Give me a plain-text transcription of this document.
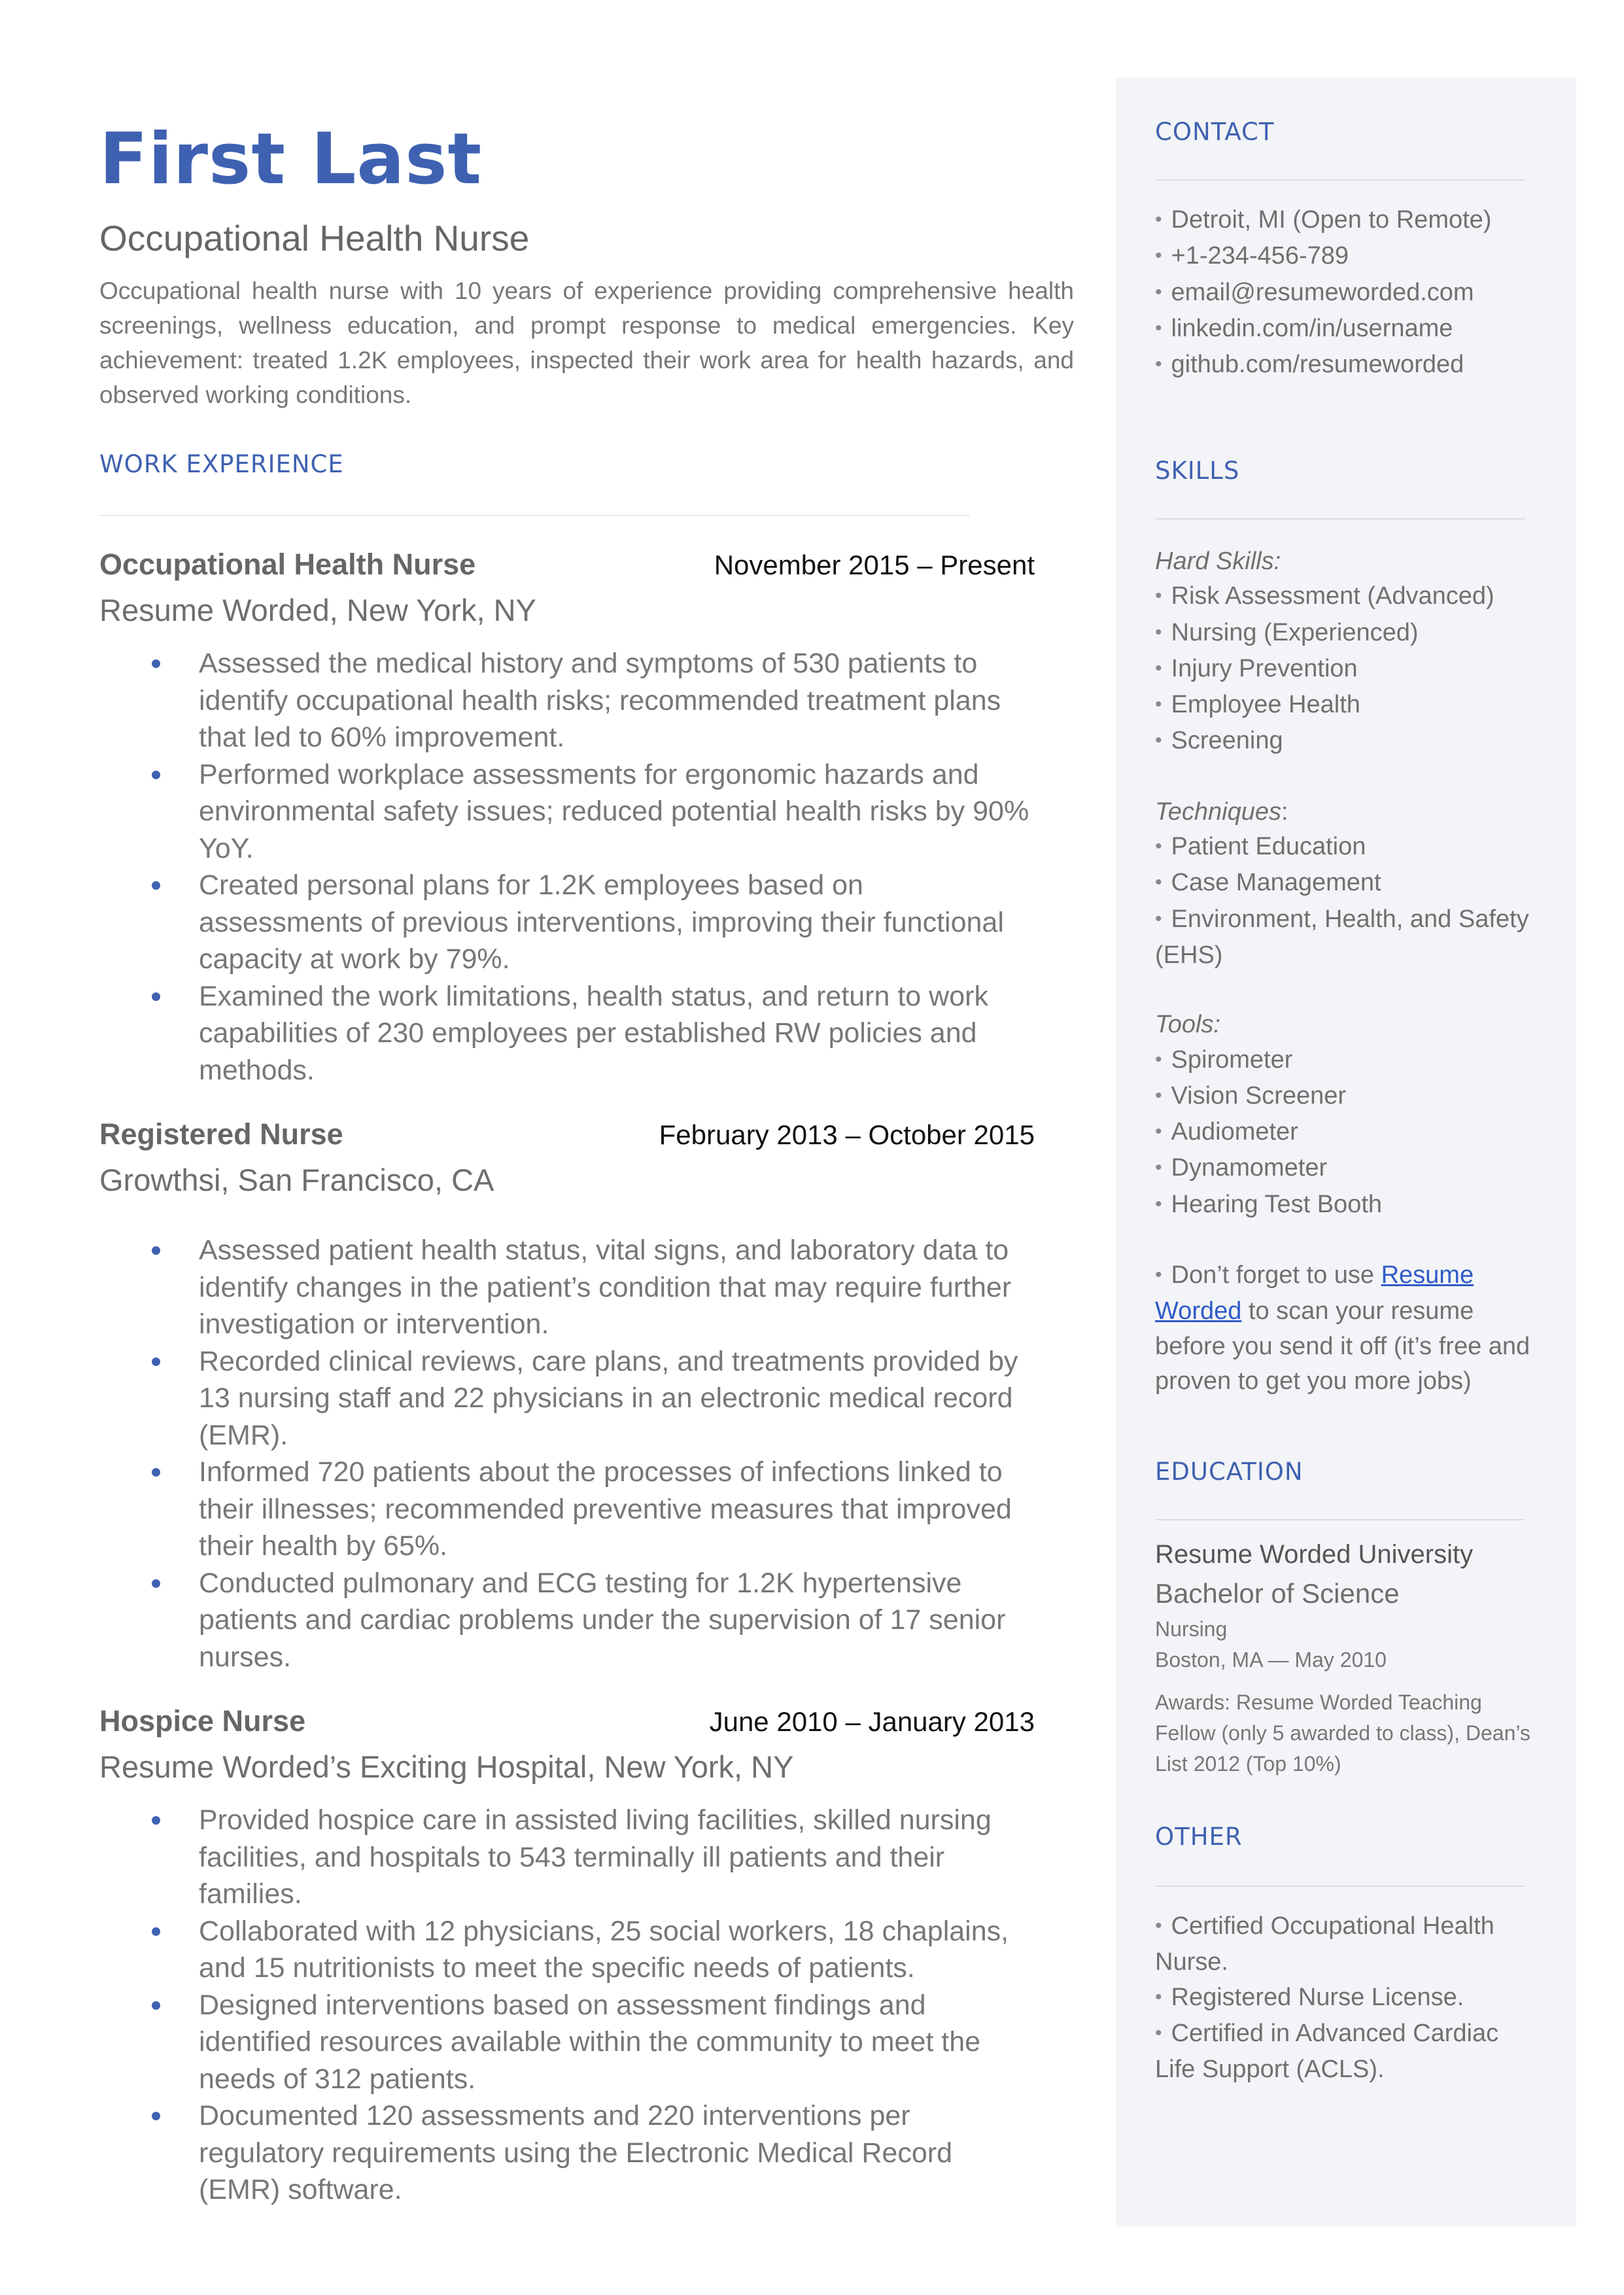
First Last
Occupational Health Nurse
Occupational health nurse with 10 years of experience providing comprehensive health screenings, wellness education, and prompt response to medical emergencies. Key achievement: treated 1.2K employees, inspected their work area for health hazards, and observed working conditions.
WORK EXPERIENCE
Occupational Health Nurse	November 2015 – Present
Resume Worded, New York, NY
Assessed the medical history and symptoms of 530 patients to identify occupational health risks; recommended treatment plans that led to 60% improvement.
Performed workplace assessments for ergonomic hazards and environmental safety issues; reduced potential health risks by 90% YoY.
Created personal plans for 1.2K employees based on assessments of previous interventions, improving their functional capacity at work by 79%.
Examined the work limitations, health status, and return to work capabilities of 230 employees per established RW policies and methods.
Registered Nurse	February 2013 – October 2015
Growthsi, San Francisco, CA
Assessed patient health status, vital signs, and laboratory data to identify changes in the patient’s condition that may require further investigation or intervention.
Recorded clinical reviews, care plans, and treatments provided by 13 nursing staff and 22 physicians in an electronic medical record (EMR).
Informed 720 patients about the processes of infections linked to their illnesses; recommended preventive measures that improved their health by 65%.
Conducted pulmonary and ECG testing for 1.2K hypertensive patients and cardiac problems under the supervision of 17 senior nurses.
Hospice Nurse	June 2010 – January 2013
Resume Worded’s Exciting Hospital, New York, NY
Provided hospice care in assisted living facilities, skilled nursing facilities, and hospitals to 543 terminally ill patients and their families.
Collaborated with 12 physicians, 25 social workers, 18 chaplains, and 15 nutritionists to meet the specific needs of patients.
Designed interventions based on assessment findings and identified resources available within the community to meet the needs of 312 patients.
Documented 120 assessments and 220 interventions per regulatory requirements using the Electronic Medical Record (EMR) software.
CONTACT
• Detroit, MI (Open to Remote)
• +1-234-456-789
• email@resumeworded.com
• linkedin.com/in/username
• github.com/resumeworded
SKILLS
Hard Skills:
• Risk Assessment (Advanced)
• Nursing (Experienced)
• Injury Prevention
• Employee Health
• Screening
Techniques:
• Patient Education
• Case Management
• Environment, Health, and Safety
(EHS)
Tools:
• Spirometer
• Vision Screener
• Audiometer
• Dynamometer
• Hearing Test Booth
• Don’t forget to use Resume
Worded to scan your resume
before you send it off (it’s free and
proven to get you more jobs)
EDUCATION
Resume Worded University
Bachelor of Science
Nursing
Boston, MA — May 2010
Awards: Resume Worded Teaching
Fellow (only 5 awarded to class), Dean’s
List 2012 (Top 10%)
OTHER
• Certified Occupational Health
Nurse.
• Registered Nurse License.
• Certified in Advanced Cardiac
Life Support (ACLS).
